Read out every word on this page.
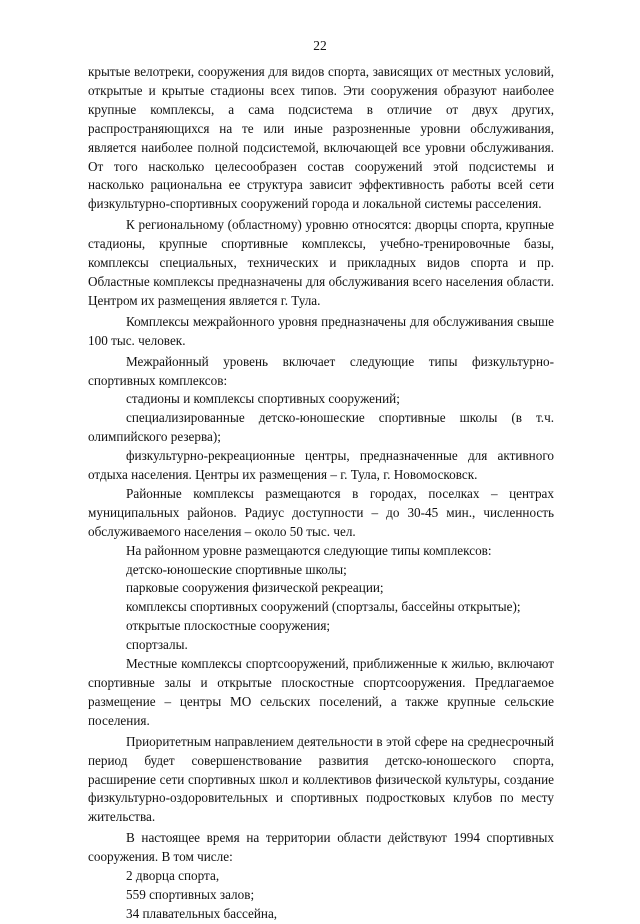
22

крытые велотреки, сооружения для видов спорта, зависящих от местных условий, открытые и крытые стадионы всех типов. Эти сооружения образуют наиболее крупные комплексы, а сама подсистема в отличие от двух других, распространяющихся на те или иные разрозненные уровни обслуживания, является наиболее полной подсистемой, включающей все уровни обслуживания. От того насколько целесообразен состав сооружений этой подсистемы и насколько рациональна ее структура зависит эффективность работы всей сети физкультурно-спортивных сооружений города и локальной системы расселения.

К региональному (областному) уровню относятся: дворцы спорта, крупные стадионы, крупные спортивные комплексы, учебно-тренировочные базы, комплексы специальных, технических и прикладных видов спорта и пр. Областные комплексы предназначены для обслуживания всего населения области. Центром их размещения является г. Тула.

Комплексы межрайонного уровня предназначены для обслуживания свыше 100 тыс. человек.

Межрайонный уровень включает следующие типы физкультурно-спортивных комплексов:

стадионы и комплексы спортивных сооружений;

специализированные детско-юношеские спортивные школы (в т.ч. олимпийского резерва);

физкультурно-рекреационные центры, предназначенные для активного отдыха населения. Центры их размещения – г. Тула, г. Новомосковск.

Районные комплексы размещаются в городах, поселках – центрах муниципальных районов. Радиус доступности – до 30-45 мин., численность обслуживаемого населения – около 50 тыс. чел.

На районном уровне размещаются следующие типы комплексов:

детско-юношеские спортивные школы;

парковые сооружения физической рекреации;

комплексы спортивных сооружений (спортзалы, бассейны открытые);

открытые плоскостные сооружения;

спортзалы.

Местные комплексы спортсооружений, приближенные к жилью, включают спортивные залы и открытые плоскостные спортсооружения. Предлагаемое размещение – центры МО сельских поселений, а также крупные сельские поселения.

Приоритетным направлением деятельности в этой сфере на среднесрочный период будет совершенствование развития детско-юношеского спорта, расширение сети спортивных школ и коллективов физической культуры, создание физкультурно-оздоровительных и спортивных подростковых клубов по месту жительства.

В настоящее время на территории области действуют 1994 спортивных сооружения. В том числе:

2 дворца спорта,

559 спортивных залов;

34 плавательных бассейна,
